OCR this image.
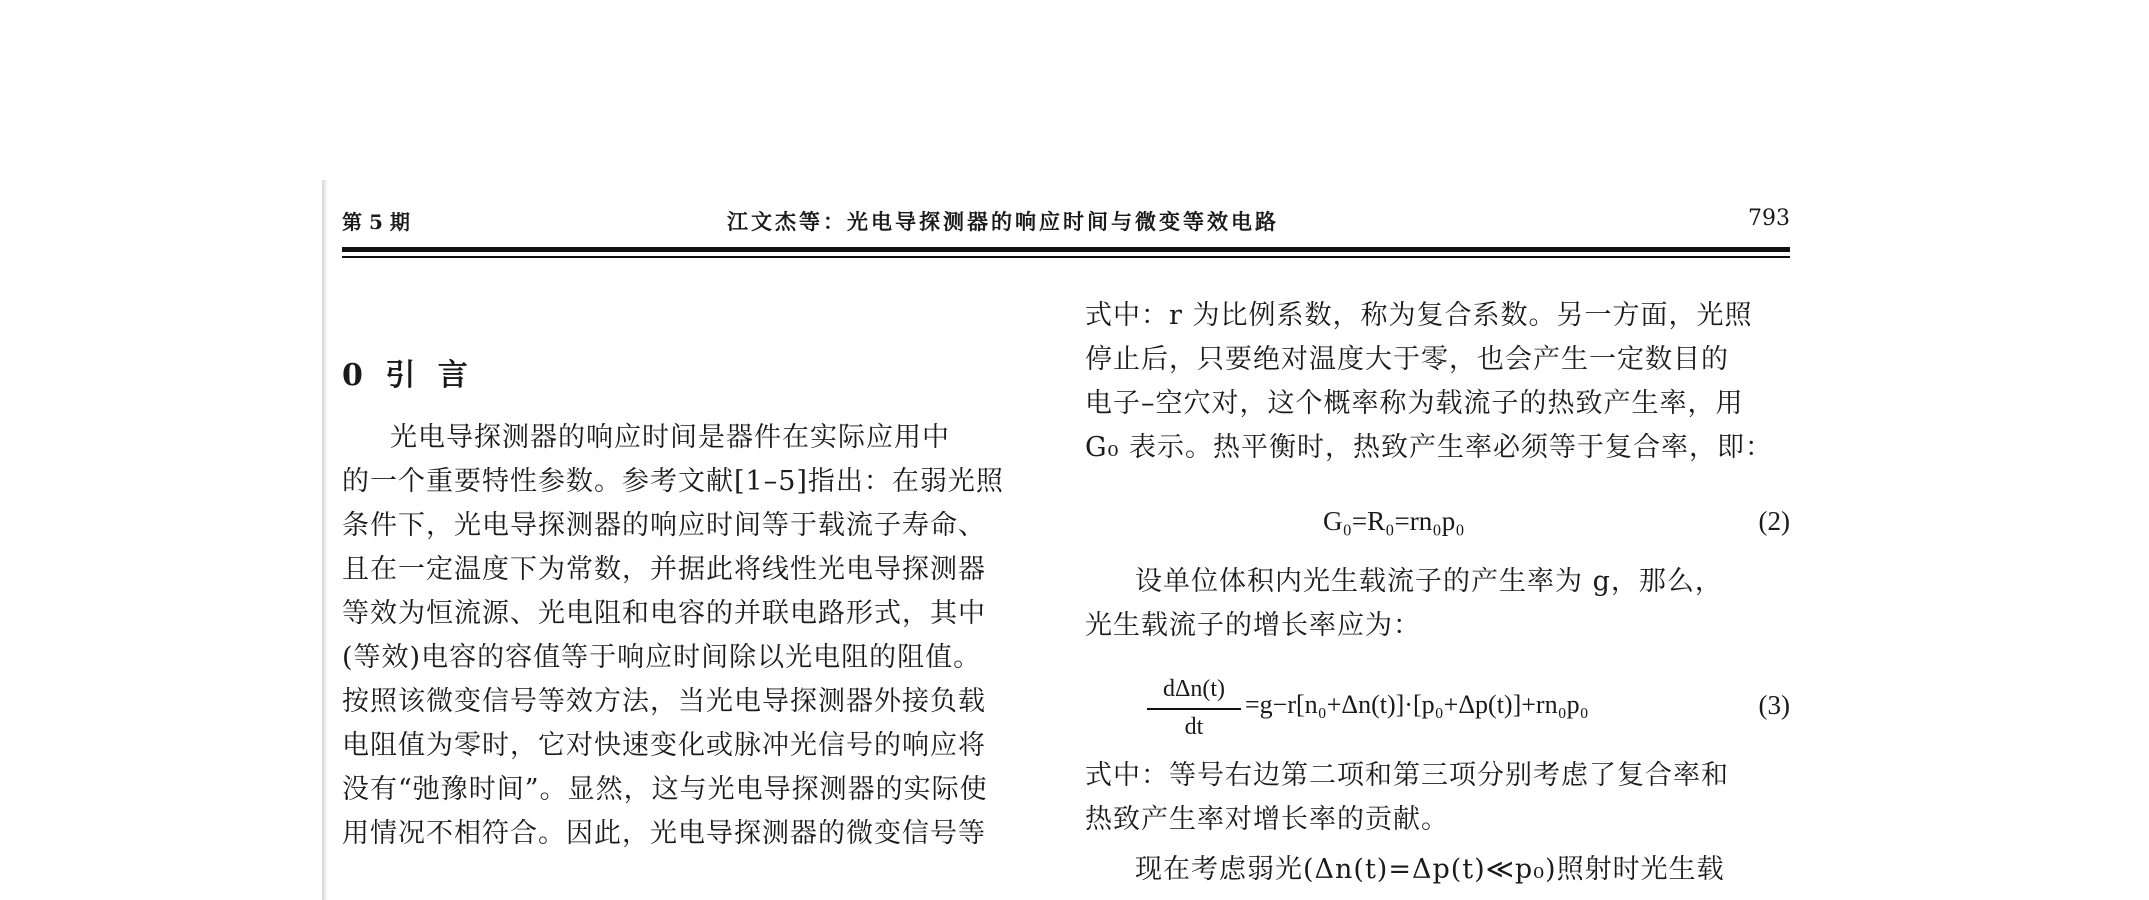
第 5 期	江文杰等：光电导探测器的响应时间与微变等效电路	793
0 引 言
光电导探测器的响应时间是器件在实际应用中
的一个重要特性参数。参考文献[1–5]指出：在弱光照
条件下，光电导探测器的响应时间等于载流子寿命、
且在一定温度下为常数，并据此将线性光电导探测器
等效为恒流源、光电阻和电容的并联电路形式，其中
(等效)电容的容值等于响应时间除以光电阻的阻值。
按照该微变信号等效方法，当光电导探测器外接负载
电阻值为零时，它对快速变化或脉冲光信号的响应将
没有“弛豫时间”。显然，这与光电导探测器的实际使
用情况不相符合。因此，光电导探测器的微变信号等
式中：r 为比例系数，称为复合系数。另一方面，光照
停止后，只要绝对温度大于零，也会产生一定数目的
电子–空穴对，这个概率称为载流子的热致产生率，用
G₀ 表示。热平衡时，热致产生率必须等于复合率，即：
G₀=R₀=rn₀p₀	(2)
设单位体积内光生载流子的产生率为 g，那么，
光生载流子的增长率应为：
dΔn(t)
dt
=g−r[n₀+Δn(t)]·[p₀+Δp(t)]+rn₀p₀	(3)
式中：等号右边第二项和第三项分别考虑了复合率和
热致产生率对增长率的贡献。
现在考虑弱光(Δn(t)=Δp(t)≪p₀)照射时光生载
